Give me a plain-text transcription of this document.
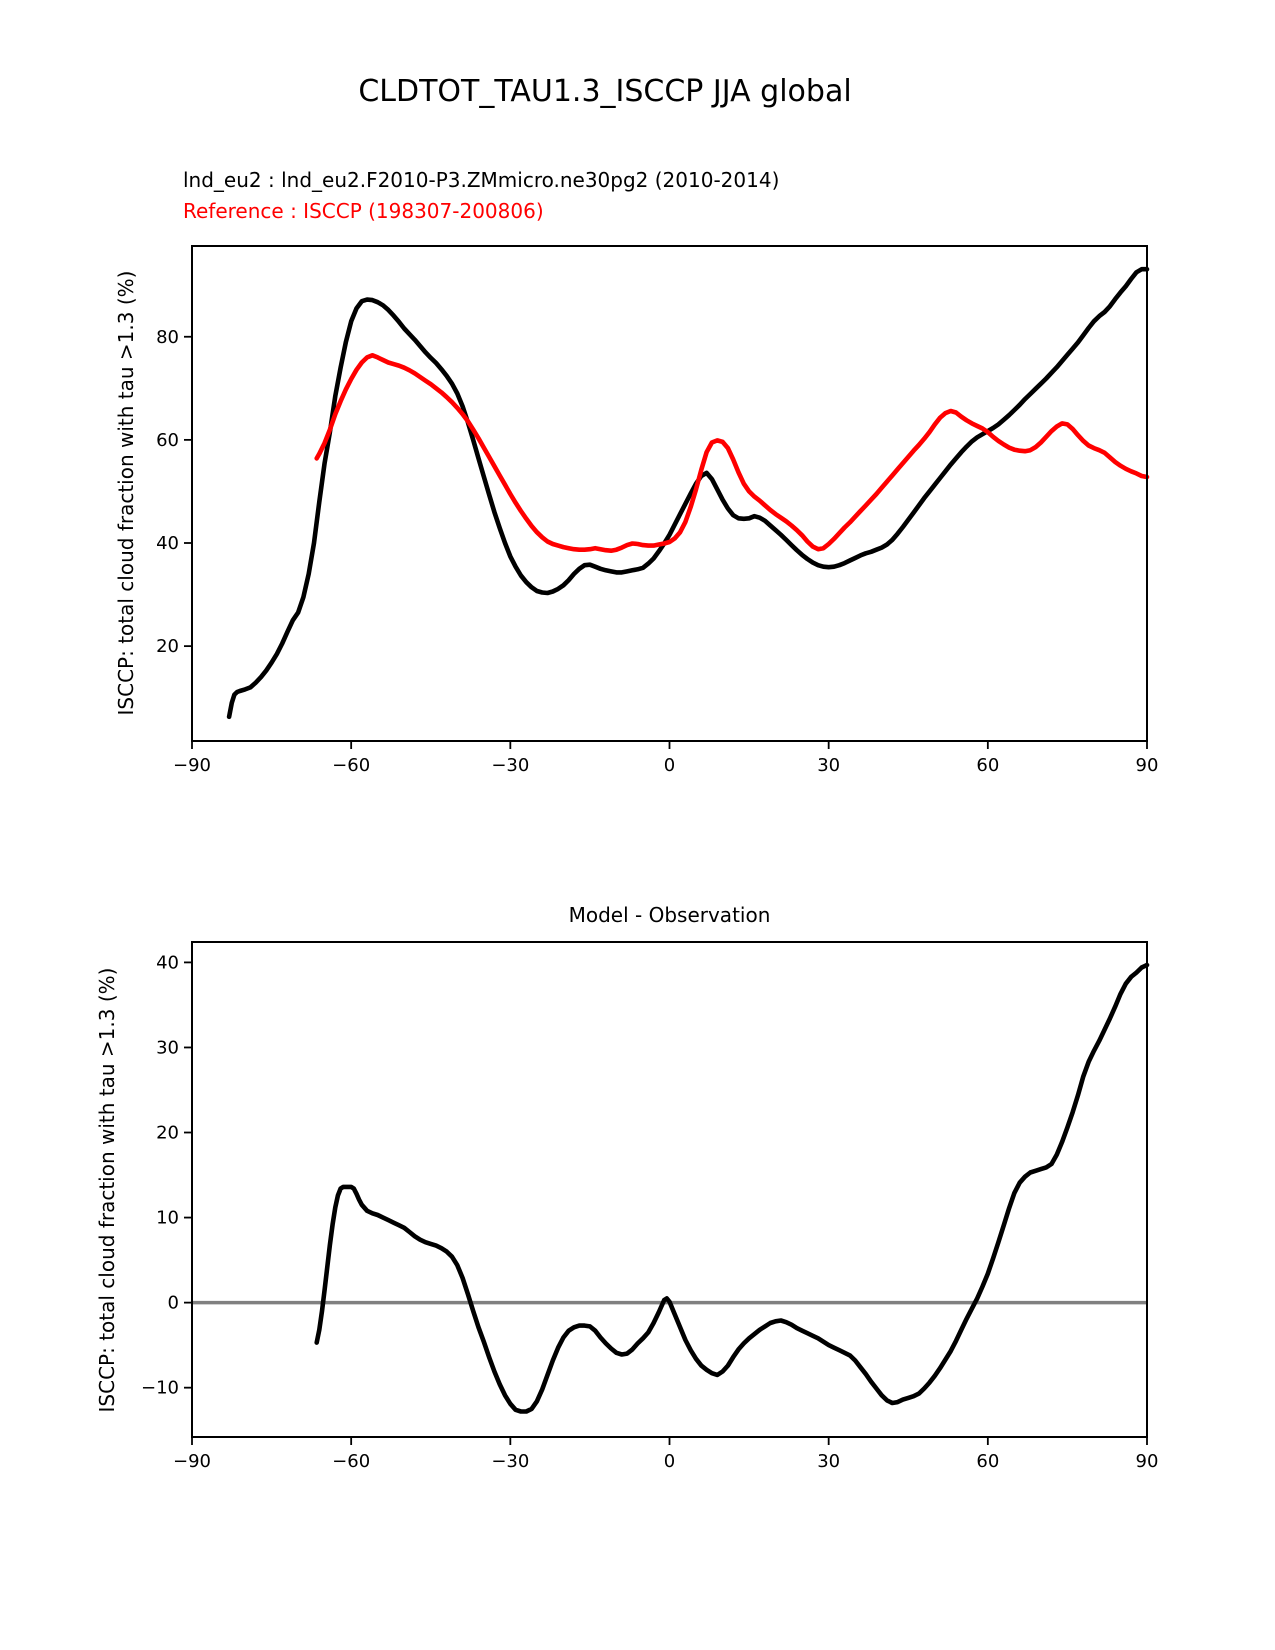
−90	−60	−30	0	30	60	90
20
40
60
80
−90	−60	−30	0	30	60	90
40
30
20
10
0
−10
CLDTOT_TAU1.3_ISCCP JJA global
lnd_eu2 : lnd_eu2.F2010-P3.ZMmicro.ne30pg2 (2010-2014)
Reference : ISCCP (198307-200806)
Model - Observation
ISCCP: total cloud fraction with tau >1.3 (%)
ISCCP: total cloud fraction with tau >1.3 (%)
